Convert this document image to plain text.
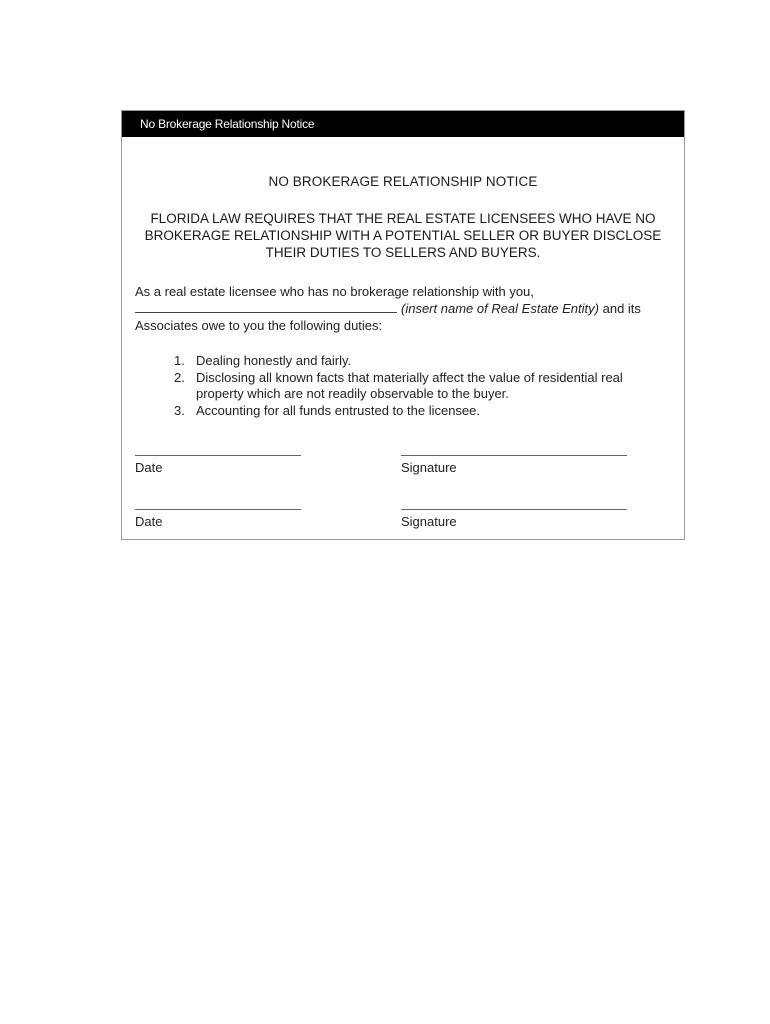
No Brokerage Relationship Notice
NO BROKERAGE RELATIONSHIP NOTICE
FLORIDA LAW REQUIRES THAT THE REAL ESTATE LICENSEES WHO HAVE NO
BROKERAGE RELATIONSHIP WITH A POTENTIAL SELLER OR BUYER DISCLOSE
THEIR DUTIES TO SELLERS AND BUYERS.
As a real estate licensee who has no brokerage relationship with you,
(insert name of Real Estate Entity) and its
Associates owe to you the following duties:
1. Dealing honestly and fairly.
2. Disclosing all known facts that materially affect the value of residential real
property which are not readily observable to the buyer.
3. Accounting for all funds entrusted to the licensee.
Date	Signature
Date	Signature
